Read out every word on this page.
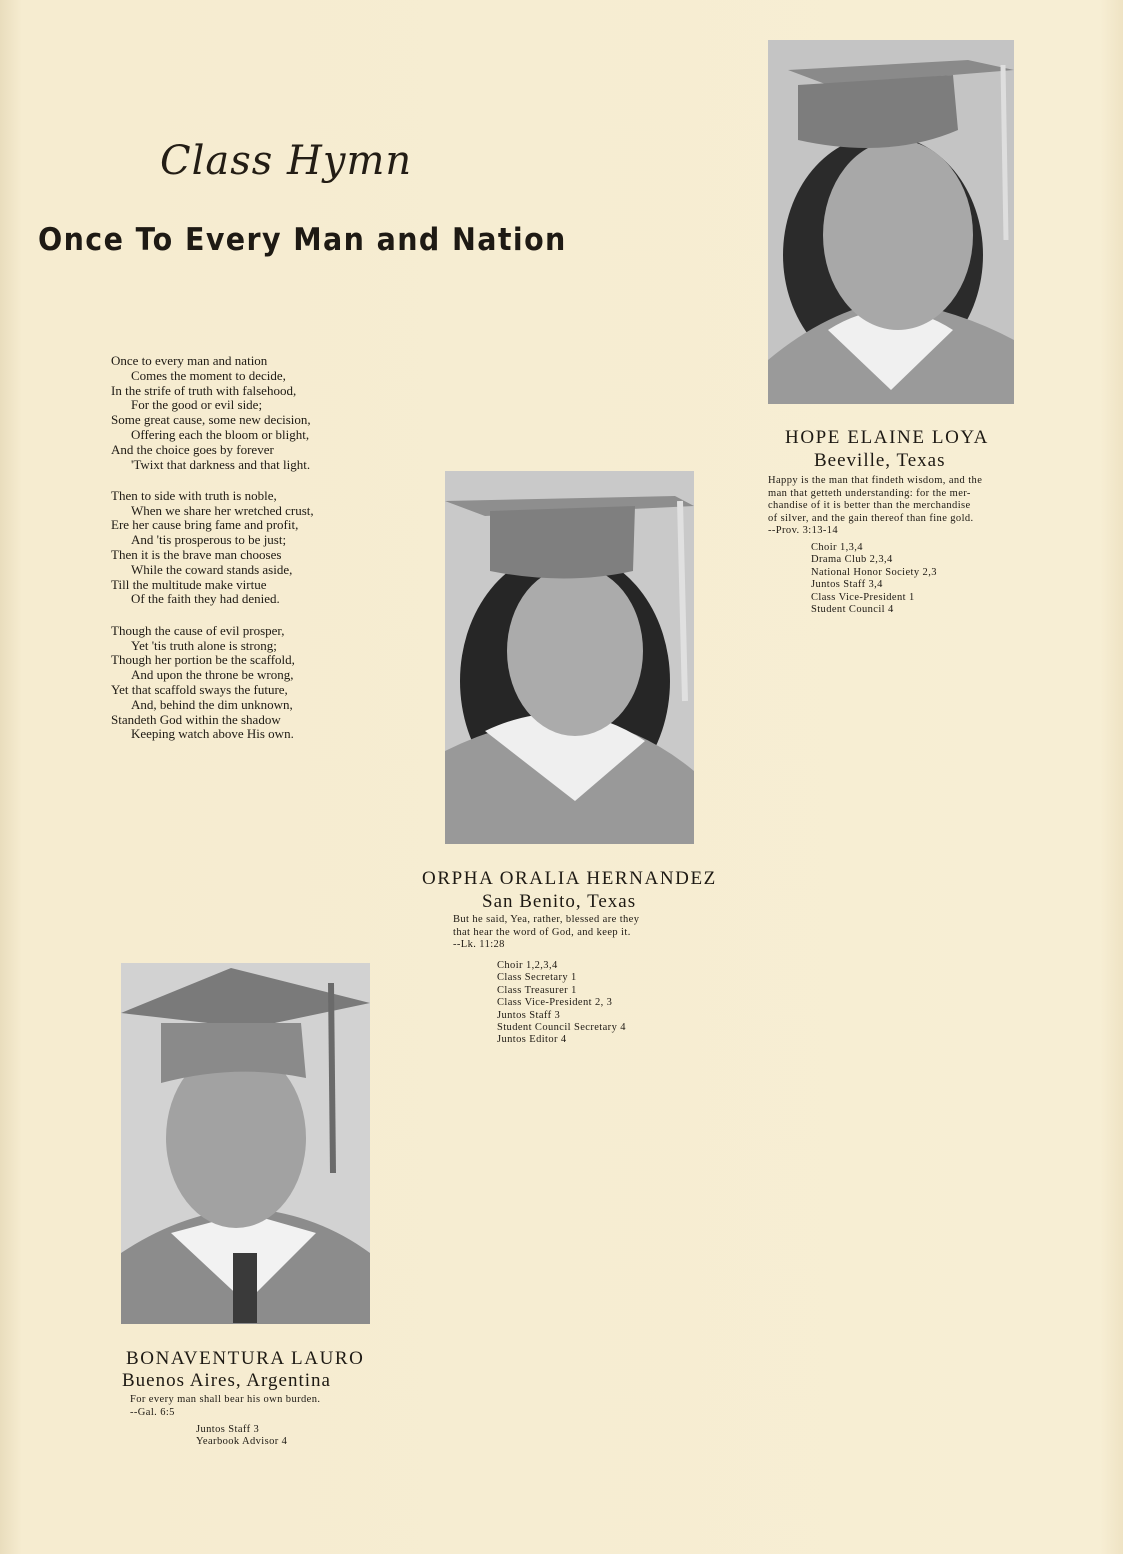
Class Hymn
Once To Every Man and Nation
Once to every man and nation
Comes the moment to decide,
In the strife of truth with falsehood,
For the good or evil side;
Some great cause, some new decision,
Offering each the bloom or blight,
And the choice goes by forever
'Twixt that darkness and that light.
Then to side with truth is noble,
When we share her wretched crust,
Ere her cause bring fame and profit,
And 'tis prosperous to be just;
Then it is the brave man chooses
While the coward stands aside,
Till the multitude make virtue
Of the faith they had denied.
Though the cause of evil prosper,
Yet 'tis truth alone is strong;
Though her portion be the scaffold,
And upon the throne be wrong,
Yet that scaffold sways the future,
And, behind the dim unknown,
Standeth God within the shadow
Keeping watch above His own.
HOPE ELAINE LOYA
Beeville, Texas
Happy is the man that findeth wisdom, and the
man that getteth understanding: for the mer-
chandise of it is better than the merchandise
of silver, and the gain thereof than fine gold.
--Prov. 3:13-14
Choir 1,3,4
Drama Club 2,3,4
National Honor Society 2,3
Juntos Staff 3,4
Class Vice-President 1
Student Council 4
ORPHA ORALIA HERNANDEZ
San Benito, Texas
But he said, Yea, rather, blessed are they
that hear the word of God, and keep it.
--Lk. 11:28
Choir 1,2,3,4
Class Secretary 1
Class Treasurer 1
Class Vice-President 2, 3
Juntos Staff 3
Student Council Secretary 4
Juntos Editor 4
BONAVENTURA LAURO
Buenos Aires, Argentina
For every man shall bear his own burden.
--Gal. 6:5
Juntos Staff 3
Yearbook Advisor 4
